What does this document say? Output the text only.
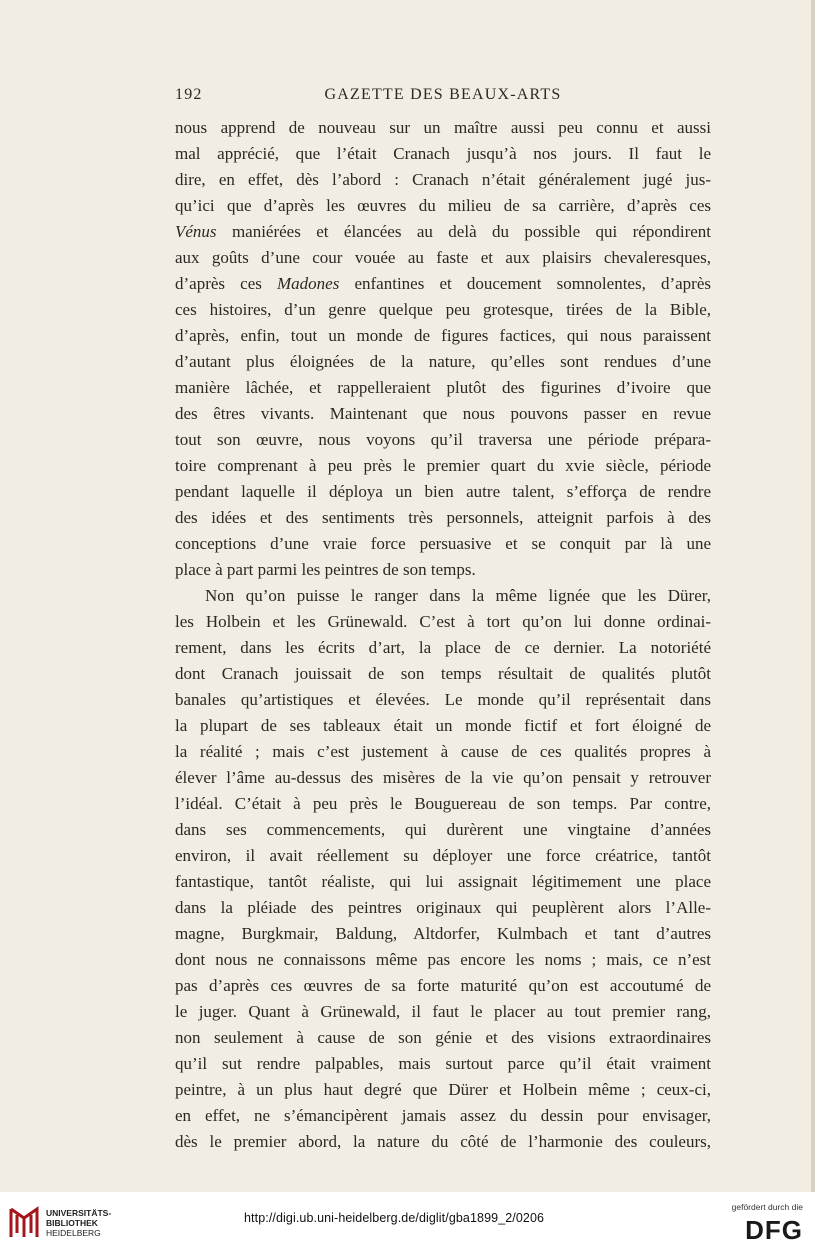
192	GAZETTE DES BEAUX-ARTS
nous apprend de nouveau sur un maître aussi peu connu et aussi
mal apprécié, que l’était Cranach jusqu’à nos jours. Il faut le
dire, en effet, dès l’abord : Cranach n’était généralement jugé jus-
qu’ici que d’après les œuvres du milieu de sa carrière, d’après ces
Vénus maniérées et élancées au delà du possible qui répondirent
aux goûts d’une cour vouée au faste et aux plaisirs chevaleresques,
d’après ces Madones enfantines et doucement somnolentes, d’après
ces histoires, d’un genre quelque peu grotesque, tirées de la Bible,
d’après, enfin, tout un monde de figures factices, qui nous paraissent
d’autant plus éloignées de la nature, qu’elles sont rendues d’une
manière lâchée, et rappelleraient plutôt des figurines d’ivoire que
des êtres vivants. Maintenant que nous pouvons passer en revue
tout son œuvre, nous voyons qu’il traversa une période prépara-
toire comprenant à peu près le premier quart du xvie siècle, période
pendant laquelle il déploya un bien autre talent, s’efforça de rendre
des idées et des sentiments très personnels, atteignit parfois à des
conceptions d’une vraie force persuasive et se conquit par là une
place à part parmi les peintres de son temps.
Non qu’on puisse le ranger dans la même lignée que les Dürer,
les Holbein et les Grünewald. C’est à tort qu’on lui donne ordinai-
rement, dans les écrits d’art, la place de ce dernier. La notoriété
dont Cranach jouissait de son temps résultait de qualités plutôt
banales qu’artistiques et élevées. Le monde qu’il représentait dans
la plupart de ses tableaux était un monde fictif et fort éloigné de
la réalité ; mais c’est justement à cause de ces qualités propres à
élever l’âme au-dessus des misères de la vie qu’on pensait y retrouver
l’idéal. C’était à peu près le Bouguereau de son temps. Par contre,
dans ses commencements, qui durèrent une vingtaine d’années
environ, il avait réellement su déployer une force créatrice, tantôt
fantastique, tantôt réaliste, qui lui assignait légitimement une place
dans la pléiade des peintres originaux qui peuplèrent alors l’Alle-
magne, Burgkmair, Baldung, Altdorfer, Kulmbach et tant d’autres
dont nous ne connaissons même pas encore les noms ; mais, ce n’est
pas d’après ces œuvres de sa forte maturité qu’on est accoutumé de
le juger. Quant à Grünewald, il faut le placer au tout premier rang,
non seulement à cause de son génie et des visions extraordinaires
qu’il sut rendre palpables, mais surtout parce qu’il était vraiment
peintre, à un plus haut degré que Dürer et Holbein même ; ceux-ci,
en effet, ne s’émancipèrent jamais assez du dessin pour envisager,
dès le premier abord, la nature du côté de l’harmonie des couleurs,
UNIVERSITÄTS-
BIBLIOTHEK
HEIDELBERG
http://digi.ub.uni-heidelberg.de/diglit/gba1899_2/0206
gefördert durch die
DFG
